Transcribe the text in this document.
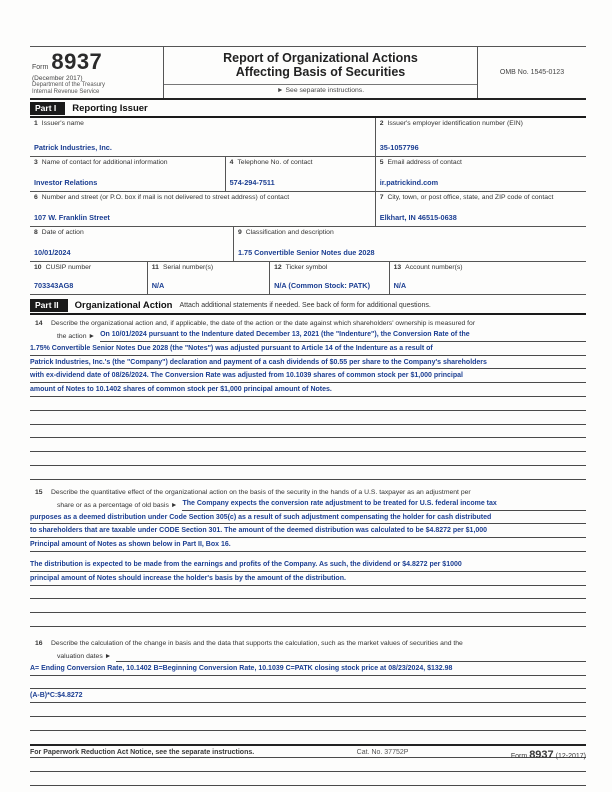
Form 8937
(December 2017)
Department of the Treasury
Internal Revenue Service
Report of Organizational Actions
Affecting Basis of Securities
► See separate instructions.
OMB No. 1545-0123
Part I	Reporting Issuer
1 Issuer's name
Patrick Industries, Inc.
2 Issuer's employer identification number (EIN)
35-1057796
3 Name of contact for additional information
Investor Relations
4 Telephone No. of contact
574-294-7511
5 Email address of contact
ir.patrickind.com
6 Number and street (or P.O. box if mail is not delivered to street address) of contact
107 W. Franklin Street
7 City, town, or post office, state, and ZIP code of contact
Elkhart, IN 46515-0638
8 Date of action
10/01/2024
9 Classification and description
1.75 Convertible Senior Notes due 2028
10 CUSIP number
703343AG8
11 Serial number(s)
N/A
12 Ticker symbol
N/A (Common Stock: PATK)
13 Account number(s)
N/A
Part II	Organizational Action Attach additional statements if needed. See back of form for additional questions.
14	Describe the organizational action and, if applicable, the date of the action or the date against which shareholders' ownership is measured for
the action ► On 10/01/2024 pursuant to the Indenture dated December 13, 2021 (the "Indenture"), the Conversion Rate of the
1.75% Convertible Senior Notes Due 2028 (the "Notes") was adjusted pursuant to Article 14 of the Indenture as a result of
Patrick Industries, Inc.'s (the "Company") declaration and payment of a cash dividends of $0.55 per share to the Company's shareholders
with ex-dividend date of 08/26/2024. The Conversion Rate was adjusted from 10.1039 shares of common stock per $1,000 principal
amount of Notes to 10.1402 shares of common stock per $1,000 principal amount of Notes.
15	Describe the quantitative effect of the organizational action on the basis of the security in the hands of a U.S. taxpayer as an adjustment per
share or as a percentage of old basis ► The Company expects the conversion rate adjustment to be treated for U.S. federal income tax
purposes as a deemed distribution under Code Section 305(c) as a result of such adjustment compensating the holder for cash distributed
to shareholders that are taxable under CODE Section 301. The amount of the deemed distribution was calculated to be $4.8272 per $1,000
Principal amount of Notes as shown below in Part II, Box 16.
The distribution is expected to be made from the earnings and profits of the Company. As such, the dividend or $4.8272 per $1000
principal amount of Notes should increase the holder's basis by the amount of the distribution.
16	Describe the calculation of the change in basis and the data that supports the calculation, such as the market values of securities and the
valuation dates ►
A= Ending Conversion Rate, 10.1402 B=Beginning Conversion Rate, 10.1039 C=PATK closing stock price at 08/23/2024, $132.98
(A-B)*C:$4.8272
For Paperwork Reduction Act Notice, see the separate instructions.	Cat. No. 37752P
Form 8937 (12-2017)
